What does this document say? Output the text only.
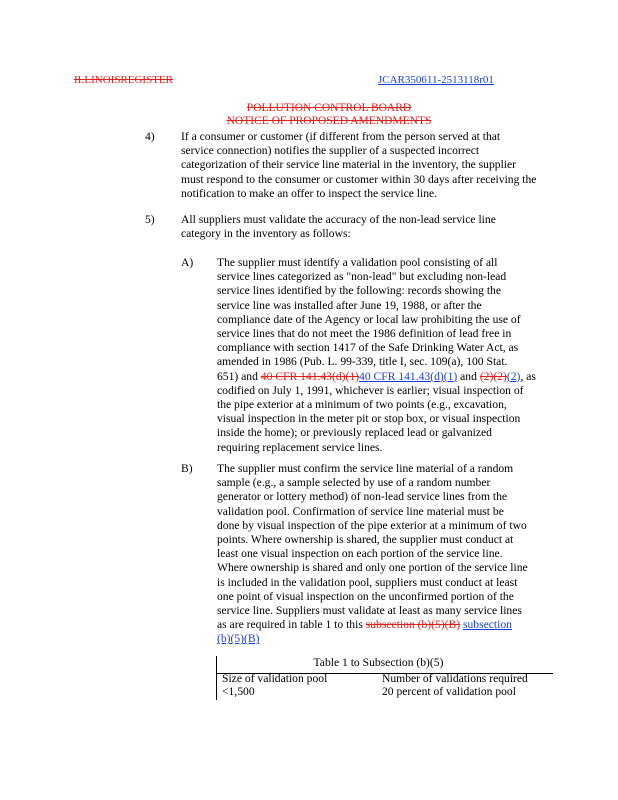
ILLINOISREGISTER	JCAR350611-2513118r01
POLLUTION CONTROL BOARD
NOTICE OF PROPOSED AMENDMENTS
4) If a consumer or customer (if different from the person served at that
service connection) notifies the supplier of a suspected incorrect
categorization of their service line material in the inventory, the supplier
must respond to the consumer or customer within 30 days after receiving the
notification to make an offer to inspect the service line.
5) All suppliers must validate the accuracy of the non-lead service line
category in the inventory as follows:
A) The supplier must identify a validation pool consisting of all
service lines categorized as "non-lead" but excluding non-lead
service lines identified by the following: records showing the
service line was installed after June 19, 1988, or after the
compliance date of the Agency or local law prohibiting the use of
service lines that do not meet the 1986 definition of lead free in
compliance with section 1417 of the Safe Drinking Water Act, as
amended in 1986 (Pub. L. 99-339, title I, sec. 109(a), 100 Stat.
651) and 40 CFR 141.43(d)(1)40 CFR 141.43(d)(1) and (2)(2)(2), as
codified on July 1, 1991, whichever is earlier; visual inspection of
the pipe exterior at a minimum of two points (e.g., excavation,
visual inspection in the meter pit or stop box, or visual inspection
inside the home); or previously replaced lead or galvanized
requiring replacement service lines.
B) The supplier must confirm the service line material of a random
sample (e.g., a sample selected by use of a random number
generator or lottery method) of non-lead service lines from the
validation pool. Confirmation of service line material must be
done by visual inspection of the pipe exterior at a minimum of two
points. Where ownership is shared, the supplier must conduct at
least one visual inspection on each portion of the service line.
Where ownership is shared and only one portion of the service line
is included in the validation pool, suppliers must conduct at least
one point of visual inspection on the unconfirmed portion of the
service line. Suppliers must validate at least as many service lines
as are required in table 1 to this subsection (b)(5)(B) subsection
(b)(5)(B)
Table 1 to Subsection (b)(5)
Size of validation pool	Number of validations required
<1,500	20 percent of validation pool
